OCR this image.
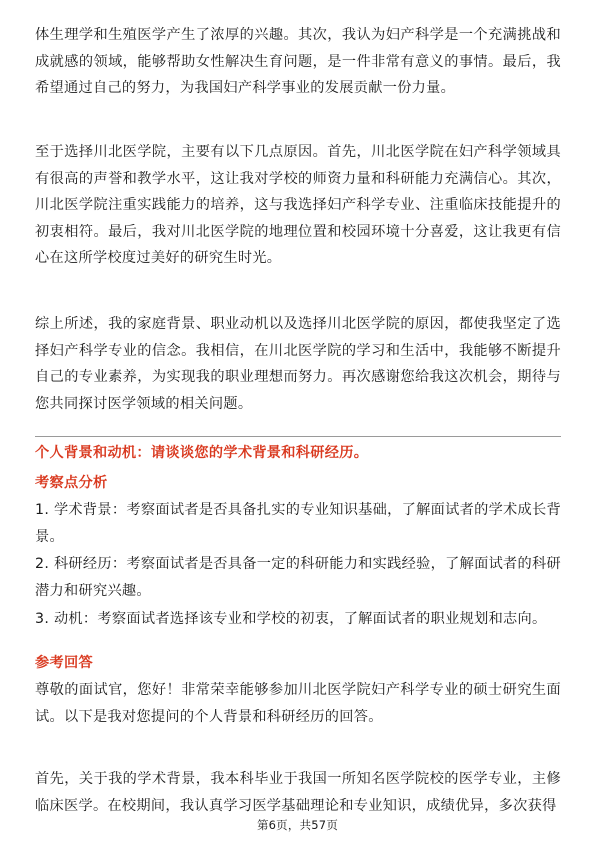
体生理学和生殖医学产生了浓厚的兴趣。其次，我认为妇产科学是一个充满挑战和成就感的领域，能够帮助女性解决生育问题，是一件非常有意义的事情。最后，我希望通过自己的努力，为我国妇产科学事业的发展贡献一份力量。

至于选择川北医学院，主要有以下几点原因。首先，川北医学院在妇产科学领域具有很高的声誉和教学水平，这让我对学校的师资力量和科研能力充满信心。其次，川北医学院注重实践能力的培养，这与我选择妇产科学专业、注重临床技能提升的初衷相符。最后，我对川北医学院的地理位置和校园环境十分喜爱，这让我更有信心在这所学校度过美好的研究生时光。

综上所述，我的家庭背景、职业动机以及选择川北医学院的原因，都使我坚定了选择妇产科学专业的信念。我相信，在川北医学院的学习和生活中，我能够不断提升自己的专业素养，为实现我的职业理想而努力。再次感谢您给我这次机会，期待与您共同探讨医学领域的相关问题。

个人背景和动机：请谈谈您的学术背景和科研经历。
考察点分析

1. 学术背景：考察面试者是否具备扎实的专业知识基础，了解面试者的学术成长背景。

2. 科研经历：考察面试者是否具备一定的科研能力和实践经验，了解面试者的科研潜力和研究兴趣。

3. 动机：考察面试者选择该专业和学校的初衷，了解面试者的职业规划和志向。

参考回答

尊敬的面试官，您好！非常荣幸能够参加川北医学院妇产科学专业的硕士研究生面试。以下是我对您提问的个人背景和科研经历的回答。

首先，关于我的学术背景，我本科毕业于我国一所知名医学院校的医学专业，主修临床医学。在校期间，我认真学习医学基础理论和专业知识，成绩优异，多次获得

第6页，共57页
